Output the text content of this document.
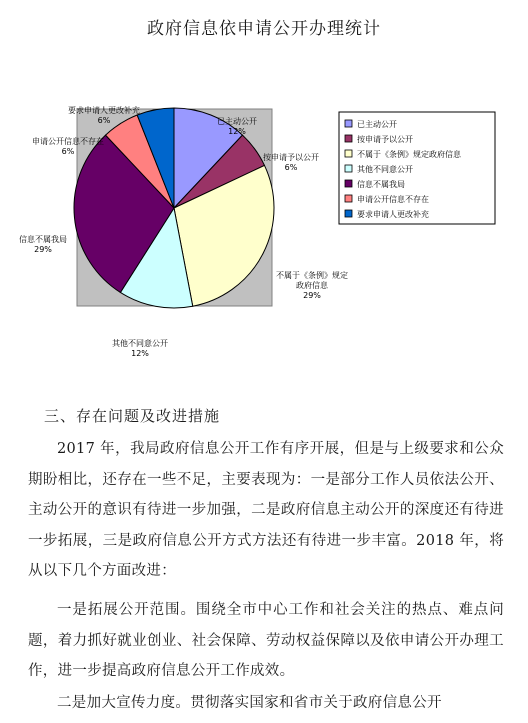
政府信息依申请公开办理统计
已主动公开 12%
按申请予以公开 6%
不属于《条例》规定政府信息 29%
其他不同意公开 12%
信息不属我局 29%
申请公开信息不存在 6%
要求申请人更改补充 6%	已主动公开
按申请予以公开
不属于《条例》规定政府信息
其他不同意公开
信息不属我局
申请公开信息不存在
要求申请人更改补充
三、存在问题及改进措施
2017 年，我局政府信息公开工作有序开展，但是与上级要求和公众期盼相比，还存在一些不足，主要表现为：一是部分工作人员依法公开、主动公开的意识有待进一步加强，二是政府信息主动公开的深度还有待进一步拓展，三是政府信息公开方式方法还有待进一步丰富。2018 年，将从以下几个方面改进：
一是拓展公开范围。围绕全市中心工作和社会关注的热点、难点问题，着力抓好就业创业、社会保障、劳动权益保障以及依申请公开办理工作，进一步提高政府信息公开工作成效。
二是加大宣传力度。贯彻落实国家和省市关于政府信息公开
